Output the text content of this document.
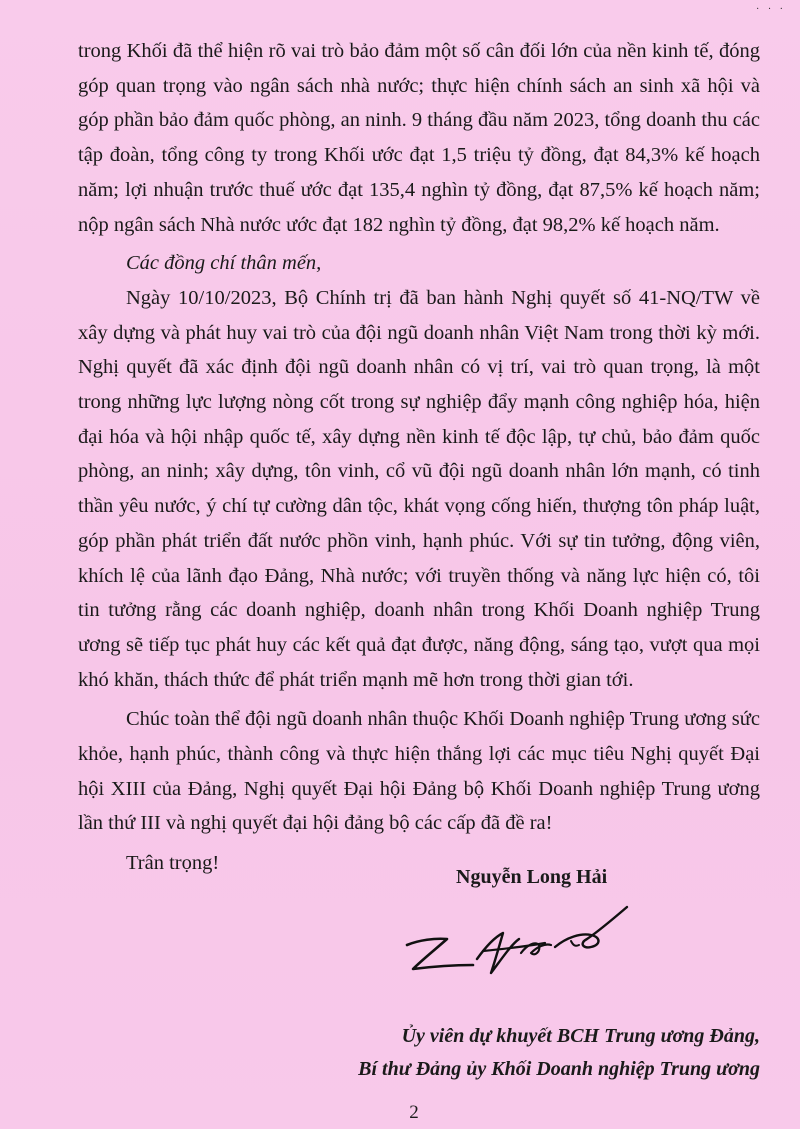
· · ·

trong Khối đã thể hiện rõ vai trò bảo đảm một số cân đối lớn của nền kinh tế, đóng góp quan trọng vào ngân sách nhà nước; thực hiện chính sách an sinh xã hội và góp phần bảo đảm quốc phòng, an ninh. 9 tháng đầu năm 2023, tổng doanh thu các tập đoàn, tổng công ty trong Khối ước đạt 1,5 triệu tỷ đồng, đạt 84,3% kế hoạch năm; lợi nhuận trước thuế ước đạt 135,4 nghìn tỷ đồng, đạt 87,5% kế hoạch năm; nộp ngân sách Nhà nước ước đạt 182 nghìn tỷ đồng, đạt 98,2% kế hoạch năm.

Các đồng chí thân mến,

Ngày 10/10/2023, Bộ Chính trị đã ban hành Nghị quyết số 41-NQ/TW về xây dựng và phát huy vai trò của đội ngũ doanh nhân Việt Nam trong thời kỳ mới. Nghị quyết đã xác định đội ngũ doanh nhân có vị trí, vai trò quan trọng, là một trong những lực lượng nòng cốt trong sự nghiệp đẩy mạnh công nghiệp hóa, hiện đại hóa và hội nhập quốc tế, xây dựng nền kinh tế độc lập, tự chủ, bảo đảm quốc phòng, an ninh; xây dựng, tôn vinh, cổ vũ đội ngũ doanh nhân lớn mạnh, có tinh thần yêu nước, ý chí tự cường dân tộc, khát vọng cống hiến, thượng tôn pháp luật, góp phần phát triển đất nước phồn vinh, hạnh phúc. Với sự tin tưởng, động viên, khích lệ của lãnh đạo Đảng, Nhà nước; với truyền thống và năng lực hiện có, tôi tin tưởng rằng các doanh nghiệp, doanh nhân trong Khối Doanh nghiệp Trung ương sẽ tiếp tục phát huy các kết quả đạt được, năng động, sáng tạo, vượt qua mọi khó khăn, thách thức để phát triển mạnh mẽ hơn trong thời gian tới.

Chúc toàn thể đội ngũ doanh nhân thuộc Khối Doanh nghiệp Trung ương sức khỏe, hạnh phúc, thành công và thực hiện thắng lợi các mục tiêu Nghị quyết Đại hội XIII của Đảng, Nghị quyết Đại hội Đảng bộ Khối Doanh nghiệp Trung ương lần thứ III và nghị quyết đại hội đảng bộ các cấp đã đề ra!

Trân trọng!

Nguyễn Long Hải
Ủy viên dự khuyết BCH Trung ương Đảng,
Bí thư Đảng ủy Khối Doanh nghiệp Trung ương
2
